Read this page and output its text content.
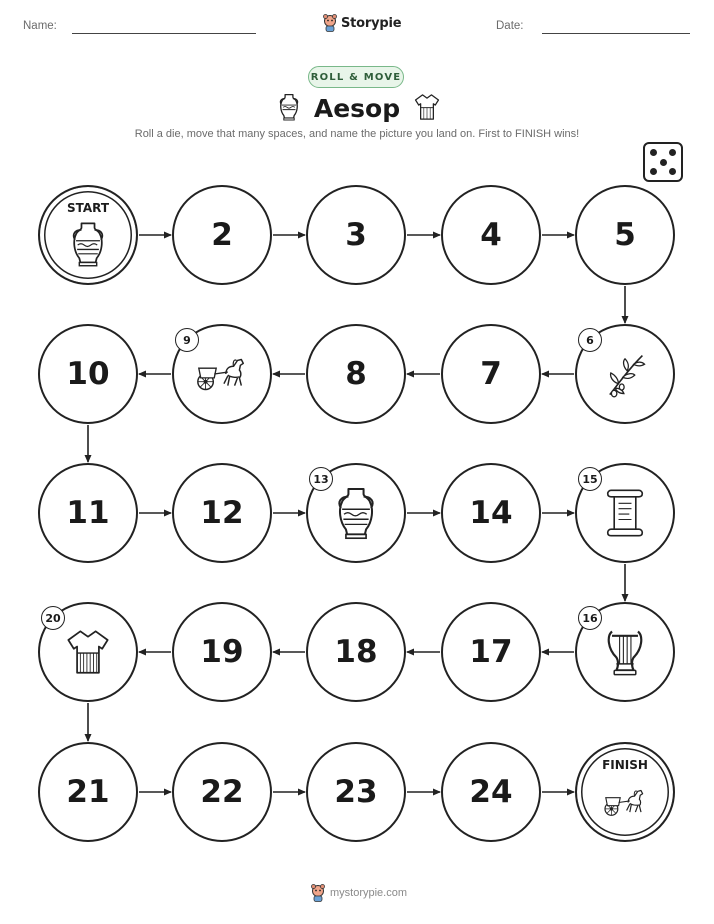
Name:	Storypie	Date:
ROLL & MOVE
Aesop
Roll a die, move that many spaces, and name the picture you land on. First to FINISH wins!
START
2	3	4	5
6
7
8
9
10
11	12
13
14
15
16
17
18
19
20
21	22	23	24
FINISH
mystorypie.com
